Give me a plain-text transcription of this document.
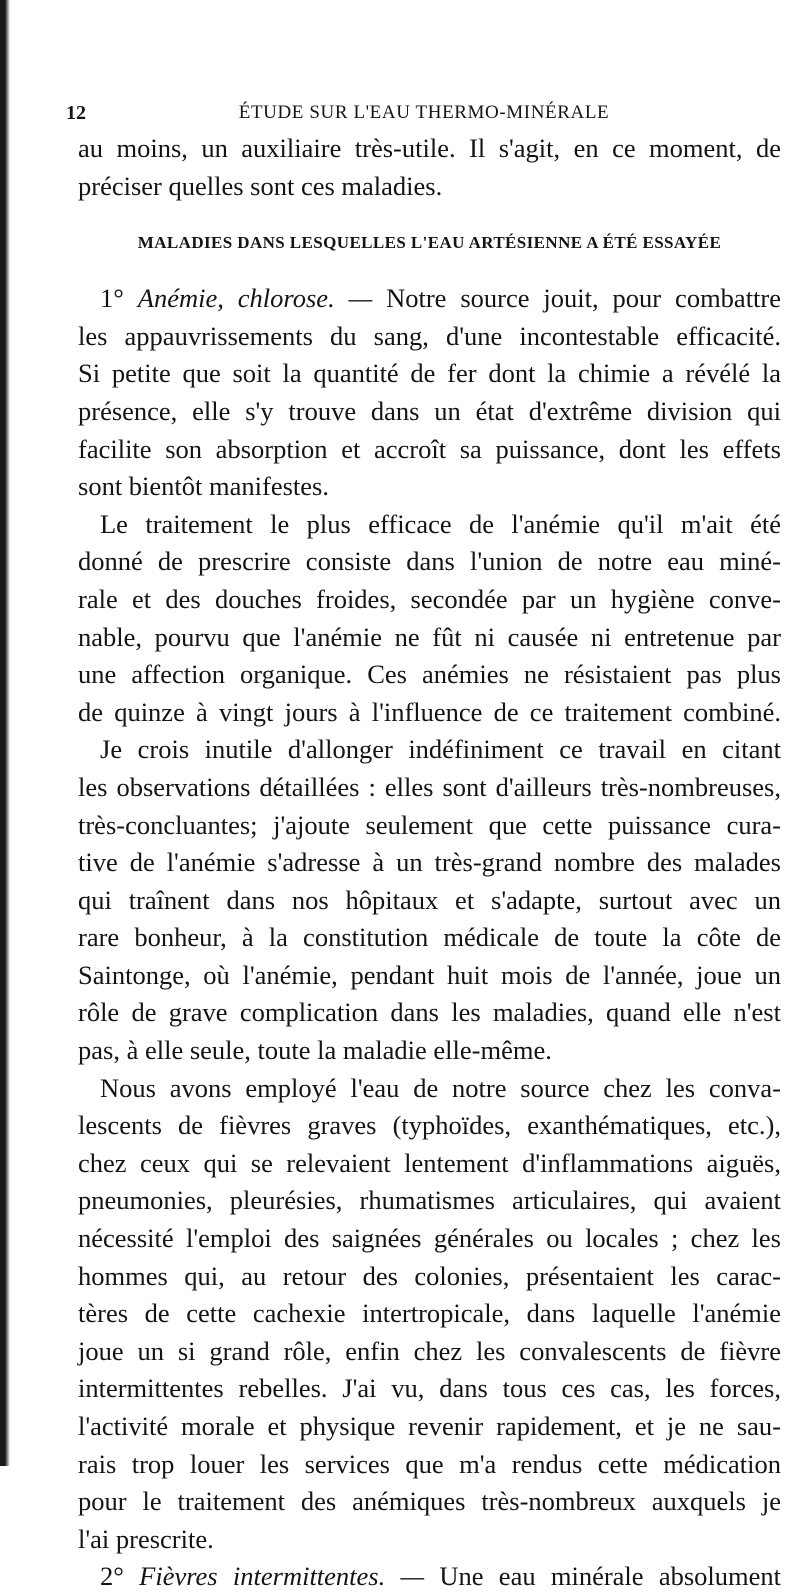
12	ÉTUDE SUR L'EAU THERMO-MINÉRALE
au moins, un auxiliaire très-utile. Il s'agit, en ce moment, de
préciser quelles sont ces maladies.
MALADIES DANS LESQUELLES L'EAU ARTÉSIENNE A ÉTÉ ESSAYÉE
1° Anémie, chlorose. — Notre source jouit, pour combattre
les appauvrissements du sang, d'une incontestable efficacité.
Si petite que soit la quantité de fer dont la chimie a révélé la
présence, elle s'y trouve dans un état d'extrême division qui
facilite son absorption et accroît sa puissance, dont les effets
sont bientôt manifestes.
Le traitement le plus efficace de l'anémie qu'il m'ait été
donné de prescrire consiste dans l'union de notre eau miné-
rale et des douches froides, secondée par un hygiène conve-
nable, pourvu que l'anémie ne fût ni causée ni entretenue par
une affection organique. Ces anémies ne résistaient pas plus
de quinze à vingt jours à l'influence de ce traitement combiné.
Je crois inutile d'allonger indéfiniment ce travail en citant
les observations détaillées : elles sont d'ailleurs très-nombreuses,
très-concluantes; j'ajoute seulement que cette puissance cura-
tive de l'anémie s'adresse à un très-grand nombre des malades
qui traînent dans nos hôpitaux et s'adapte, surtout avec un
rare bonheur, à la constitution médicale de toute la côte de
Saintonge, où l'anémie, pendant huit mois de l'année, joue un
rôle de grave complication dans les maladies, quand elle n'est
pas, à elle seule, toute la maladie elle-même.
Nous avons employé l'eau de notre source chez les conva-
lescents de fièvres graves (typhoïdes, exanthématiques, etc.),
chez ceux qui se relevaient lentement d'inflammations aiguës,
pneumonies, pleurésies, rhumatismes articulaires, qui avaient
nécessité l'emploi des saignées générales ou locales ; chez les
hommes qui, au retour des colonies, présentaient les carac-
tères de cette cachexie intertropicale, dans laquelle l'anémie
joue un si grand rôle, enfin chez les convalescents de fièvre
intermittentes rebelles. J'ai vu, dans tous ces cas, les forces,
l'activité morale et physique revenir rapidement, et je ne sau-
rais trop louer les services que m'a rendus cette médication
pour le traitement des anémiques très-nombreux auxquels je
l'ai prescrite.
2° Fièvres intermittentes. — Une eau minérale absolument
